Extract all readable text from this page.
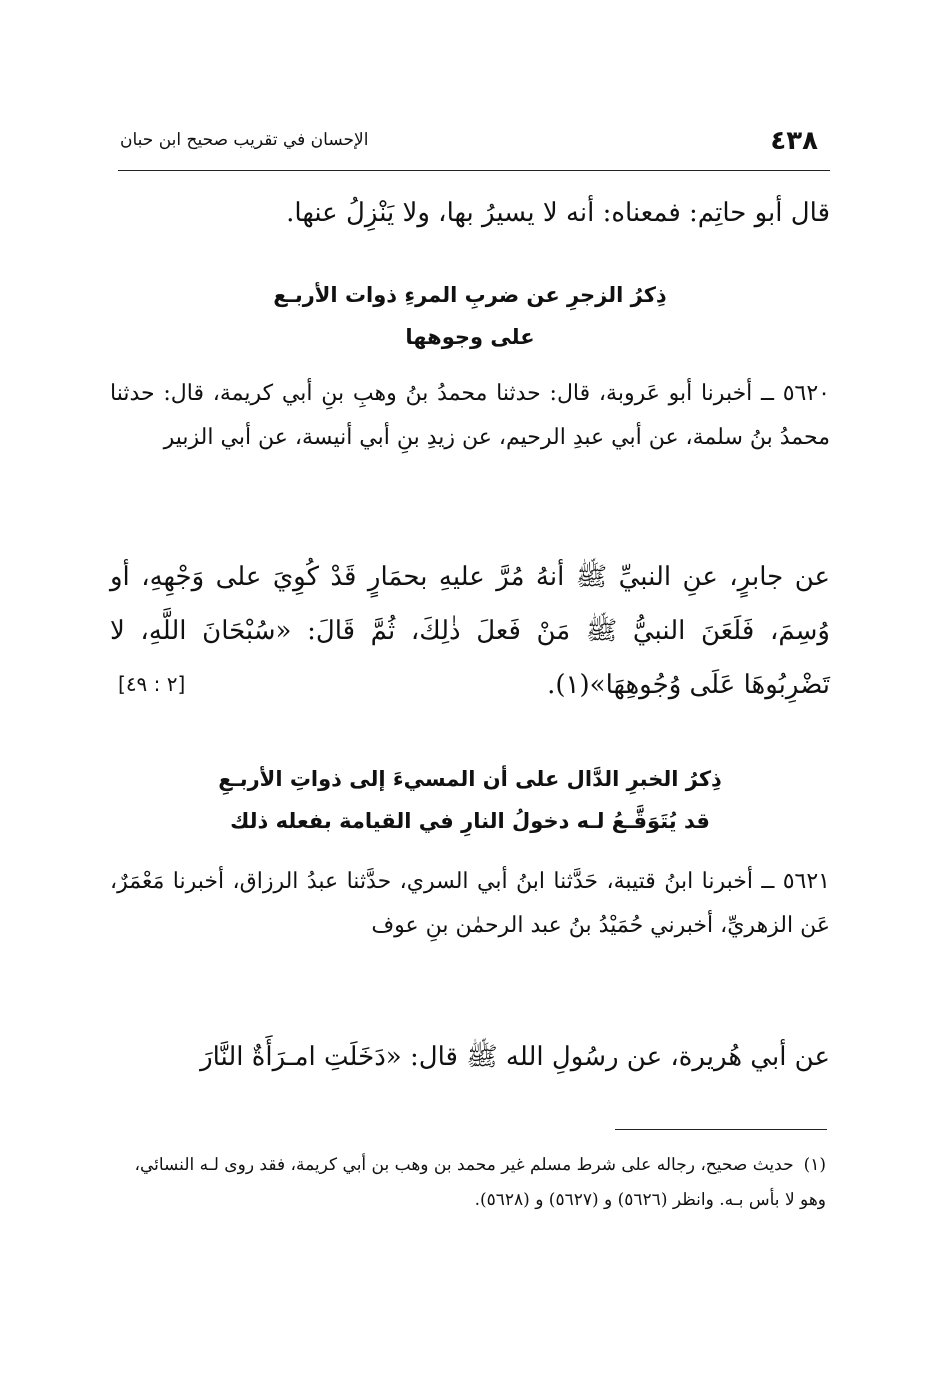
٤٣٨
الإحسان في تقريب صحيح ابن حبان
قال أبو حاتِم: فمعناه: أنه لا يسيرُ بها، ولا يَنْزِلُ عنها.
ذِكرُ الزجرِ عن ضربِ المرءِ ذوات الأربـع
على وجوهها
٥٦٢٠ ــ أخبرنا أبو عَروبة، قال: حدثنا محمدُ بنُ وهبِ بنِ أبي كريمة، قال: حدثنا محمدُ بنُ سلمة، عن أبي عبدِ الرحيم، عن زيدِ بنِ أبي أنيسة، عن أبي الزبير
عن جابرٍ، عنِ النبيِّ ﷺ أنهُ مُرَّ عليهِ بحمَارٍ قَدْ كُوِيَ على وَجْهِهِ، أو وُسِمَ، فَلَعَنَ النبيُّ ﷺ مَنْ فَعلَ ذٰلِكَ، ثُمَّ قَالَ: «سُبْحَانَ اللَّهِ، لا تَضْرِبُوهَا عَلَى وُجُوهِهَا»(١).
[٢ : ٤٩]
ذِكرُ الخبرِ الدَّال على أن المسيءَ إلى ذواتِ الأربـعِ
قد يُتَوَقَّـعُ لـه دخولُ النارِ في القيامة بفعله ذلك
٥٦٢١ ــ أخبرنا ابنُ قتيبة، حَدَّثنا ابنُ أبي السري، حدَّثنا عبدُ الرزاق، أخبرنا مَعْمَرٌ، عَن الزهريِّ، أخبرني حُمَيْدُ بنُ عبد الرحمٰن بنِ عوف
عن أبي هُريرة، عن رسُولِ الله ﷺ قال: «دَخَلَتِ امـرَأَةٌ النَّارَ
(١)حديث صحيح، رجاله على شرط مسلم غير محمد بن وهب بن أبي كريمة، فقد روى لـه النسائي، وهو لا بأس بـه. وانظر (٥٦٢٦) و (٥٦٢٧) و (٥٦٢٨).
